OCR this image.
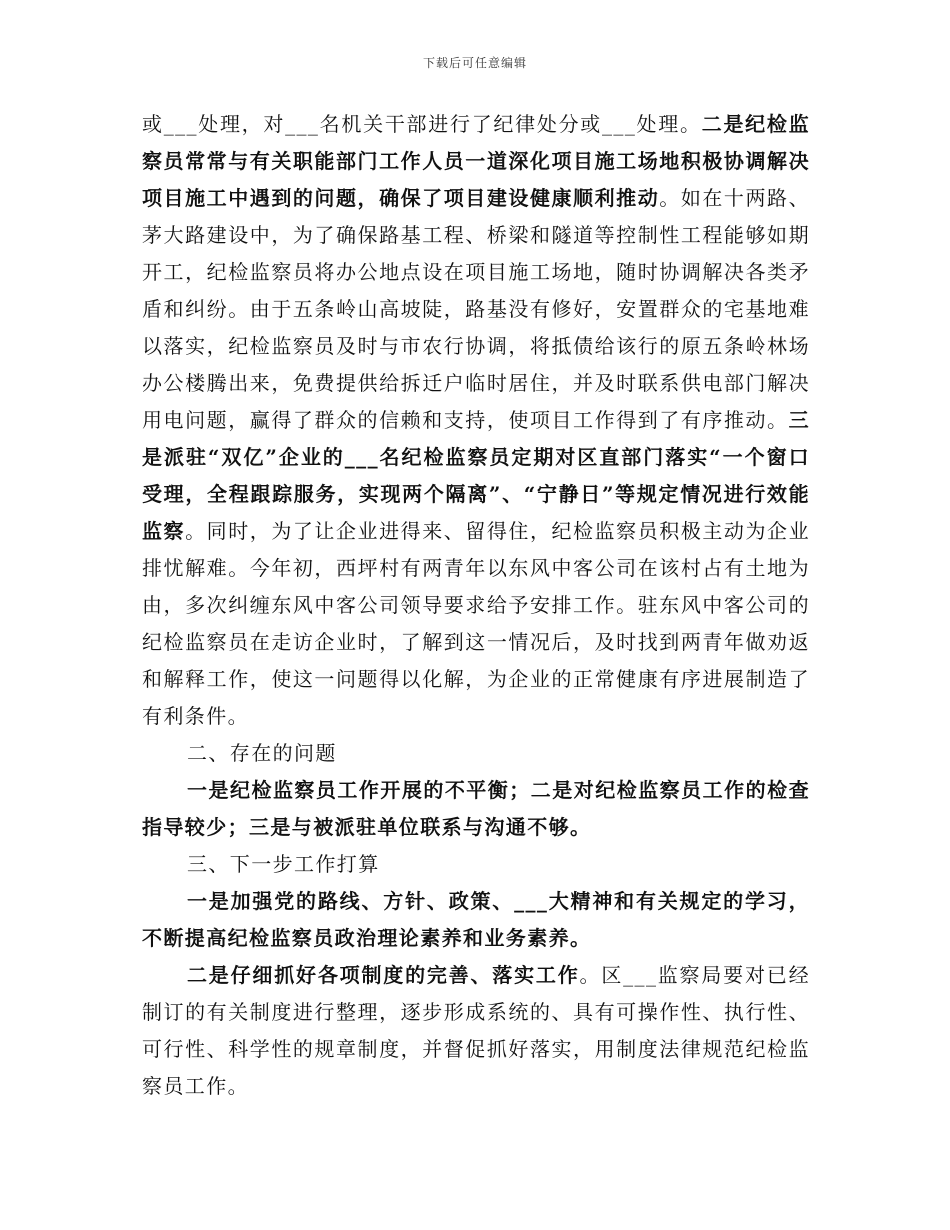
下载后可任意编辑

或___处理，对___名机关干部进行了纪律处分或___处理。二是纪检监察员常常与有关职能部门工作人员一道深化项目施工场地积极协调解决项目施工中遇到的问题，确保了项目建设健康顺利推动。如在十两路、茅大路建设中，为了确保路基工程、桥梁和隧道等控制性工程能够如期开工，纪检监察员将办公地点设在项目施工场地，随时协调解决各类矛盾和纠纷。由于五条岭山高坡陡，路基没有修好，安置群众的宅基地难以落实，纪检监察员及时与市农行协调，将抵债给该行的原五条岭林场办公楼腾出来，免费提供给拆迁户临时居住，并及时联系供电部门解决用电问题，赢得了群众的信赖和支持，使项目工作得到了有序推动。三是派驻“双亿”企业的___名纪检监察员定期对区直部门落实“一个窗口受理，全程跟踪服务，实现两个隔离”、“宁静日”等规定情况进行效能监察。同时，为了让企业进得来、留得住，纪检监察员积极主动为企业排忧解难。今年初，西坪村有两青年以东风中客公司在该村占有土地为由，多次纠缠东风中客公司领导要求给予安排工作。驻东风中客公司的纪检监察员在走访企业时，了解到这一情况后，及时找到两青年做劝返和解释工作，使这一问题得以化解，为企业的正常健康有序进展制造了有利条件。

二、存在的问题

一是纪检监察员工作开展的不平衡；二是对纪检监察员工作的检查指导较少；三是与被派驻单位联系与沟通不够。

三、下一步工作打算

一是加强党的路线、方针、政策、___大精神和有关规定的学习，不断提高纪检监察员政治理论素养和业务素养。

二是仔细抓好各项制度的完善、落实工作。区___监察局要对已经制订的有关制度进行整理，逐步形成系统的、具有可操作性、执行性、可行性、科学性的规章制度，并督促抓好落实，用制度法律规范纪检监察员工作。
